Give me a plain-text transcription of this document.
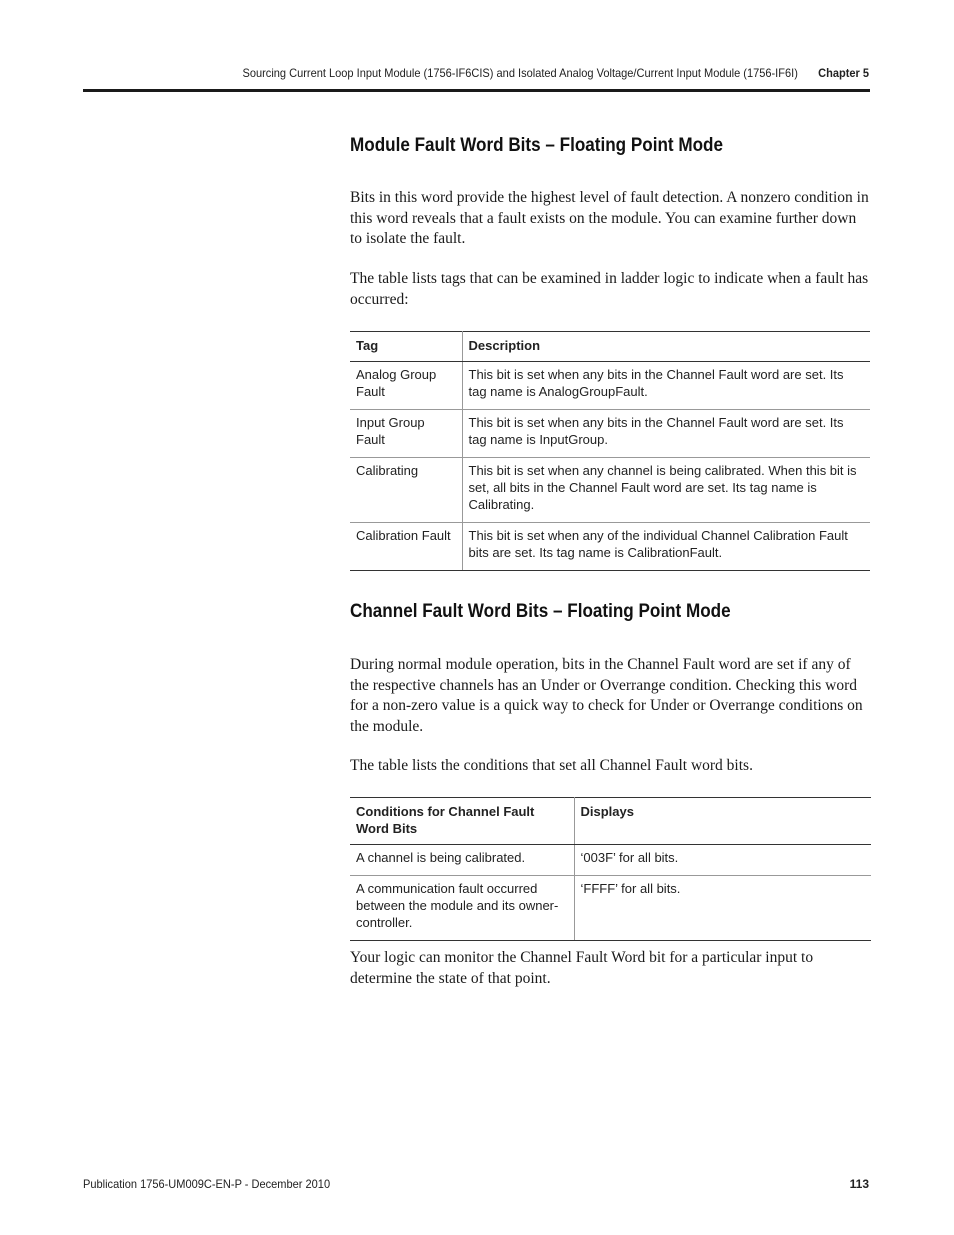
Sourcing Current Loop Input Module (1756-IF6CIS) and Isolated Analog Voltage/Current Input Module (1756-IF6I) Chapter 5
Module Fault Word Bits – Floating Point Mode

Bits in this word provide the highest level of fault detection. A nonzero condition in this word reveals that a fault exists on the module. You can examine further down to isolate the fault.

The table lists tags that can be examined in ladder logic to indicate when a fault has occurred:

Tag	Description
Analog Group Fault	This bit is set when any bits in the Channel Fault word are set. Its tag name is AnalogGroupFault.
Input Group Fault	This bit is set when any bits in the Channel Fault word are set. Its tag name is InputGroup.
Calibrating	This bit is set when any channel is being calibrated. When this bit is set, all bits in the Channel Fault word are set. Its tag name is Calibrating.
Calibration Fault	This bit is set when any of the individual Channel Calibration Fault bits are set. Its tag name is CalibrationFault.
Channel Fault Word Bits – Floating Point Mode

During normal module operation, bits in the Channel Fault word are set if any of the respective channels has an Under or Overrange condition. Checking this word for a non-zero value is a quick way to check for Under or Overrange conditions on the module.

The table lists the conditions that set all Channel Fault word bits.

Conditions for Channel Fault Word Bits	Displays
A channel is being calibrated.	‘003F’ for all bits.
A communication fault occurred between the module and its owner-controller.	‘FFFF’ for all bits.

Your logic can monitor the Channel Fault Word bit for a particular input to determine the state of that point.

Publication 1756-UM009C-EN-P - December 2010	113
